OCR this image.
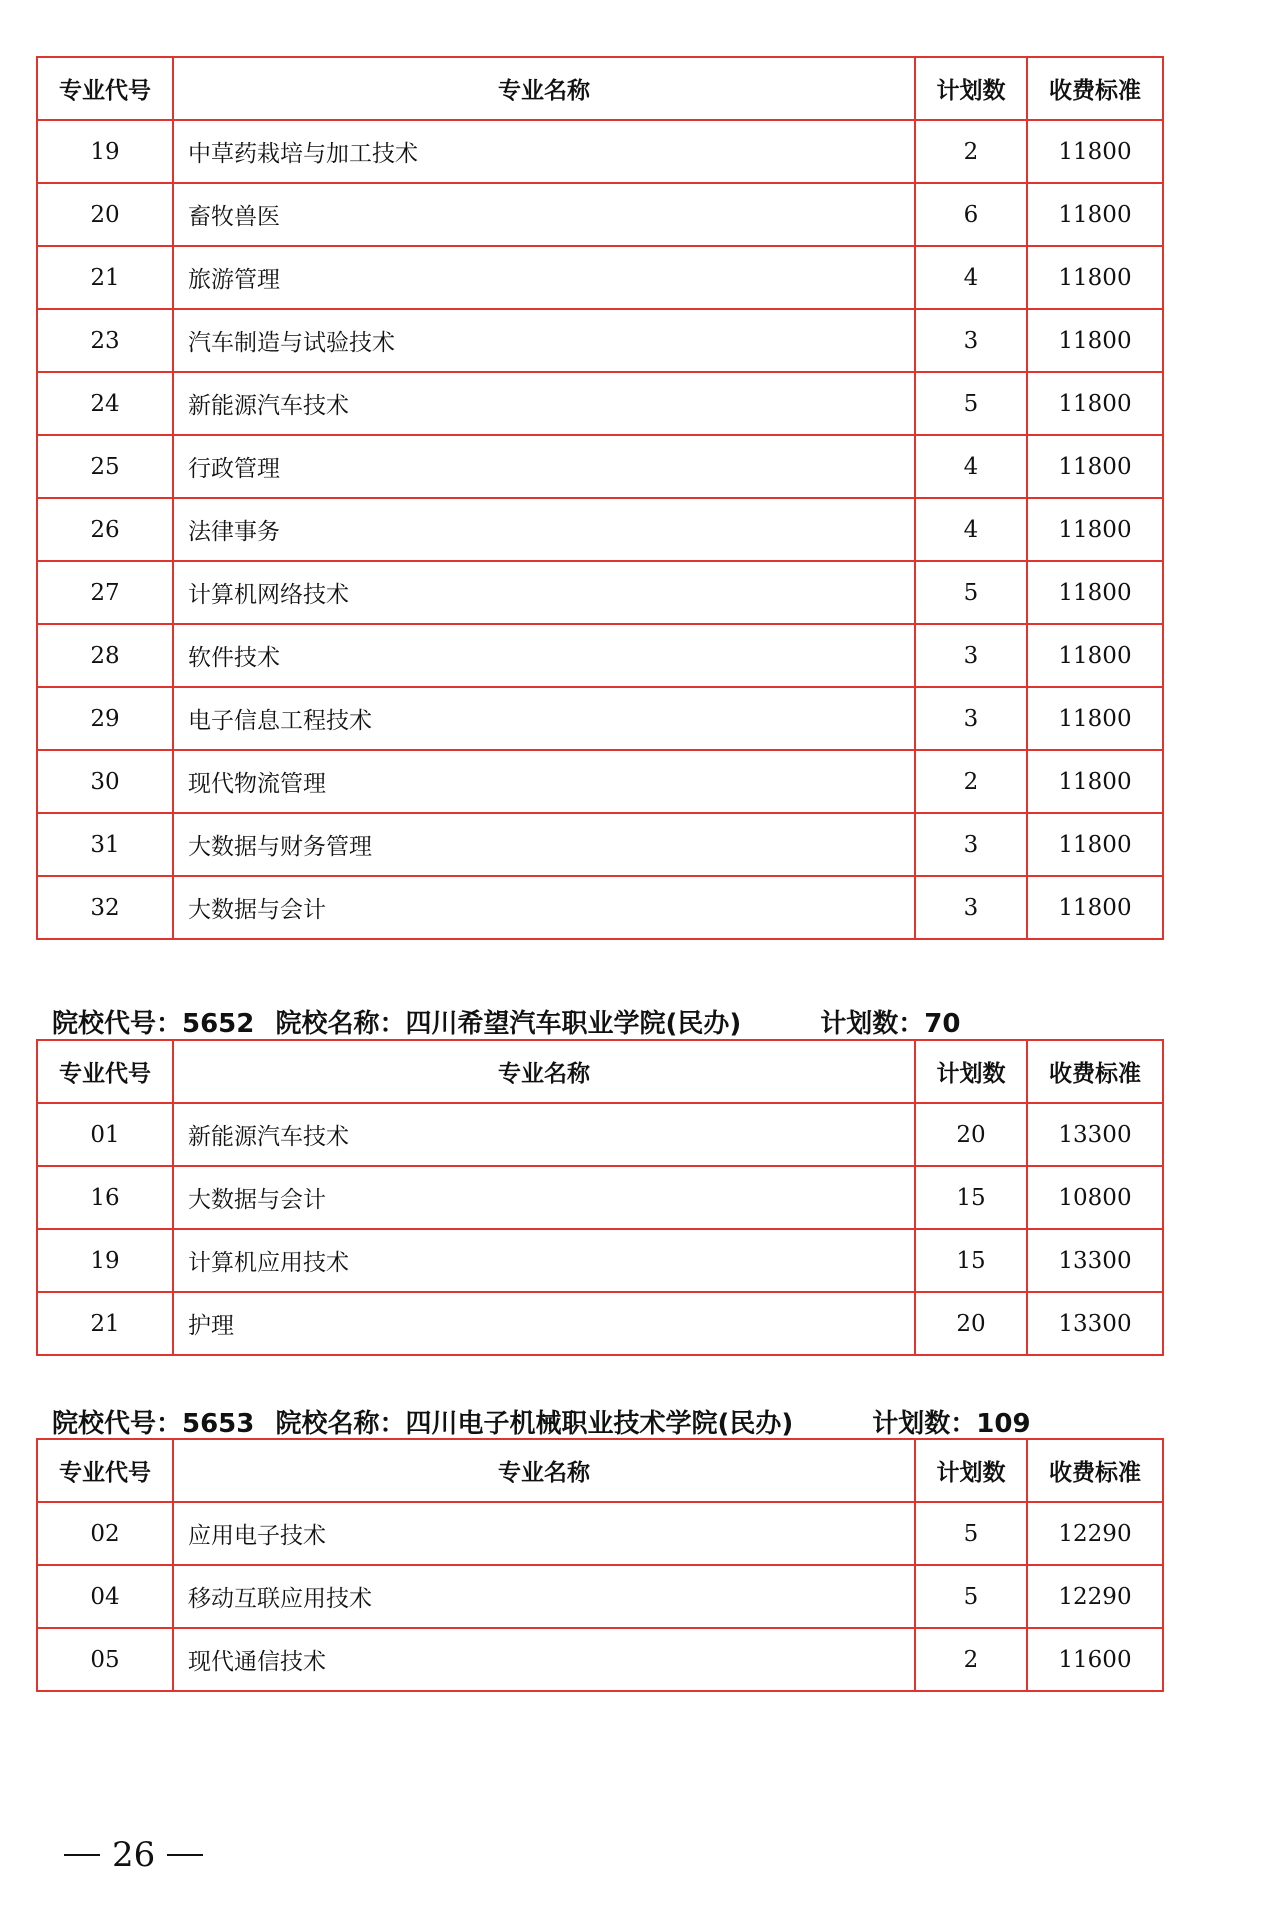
专业代号	专业名称	计划数	收费标准
19	中草药栽培与加工技术	2	11800
20	畜牧兽医	6	11800
21	旅游管理	4	11800
23	汽车制造与试验技术	3	11800
24	新能源汽车技术	5	11800
25	行政管理	4	11800
26	法律事务	4	11800
27	计算机网络技术	5	11800
28	软件技术	3	11800
29	电子信息工程技术	3	11800
30	现代物流管理	2	11800
31	大数据与财务管理	3	11800
32	大数据与会计	3	11800
院校代号：5652 院校名称：四川希望汽车职业学院(民办)	计划数：70
专业代号	专业名称	计划数	收费标准
01	新能源汽车技术	20	13300
16	大数据与会计	15	10800
19	计算机应用技术	15	13300
21	护理	20	13300
院校代号：5653 院校名称：四川电子机械职业技术学院(民办)	计划数：109
专业代号	专业名称	计划数	收费标准
02	应用电子技术	5	12290
04	移动互联应用技术	5	12290
05	现代通信技术	2	11600
26
